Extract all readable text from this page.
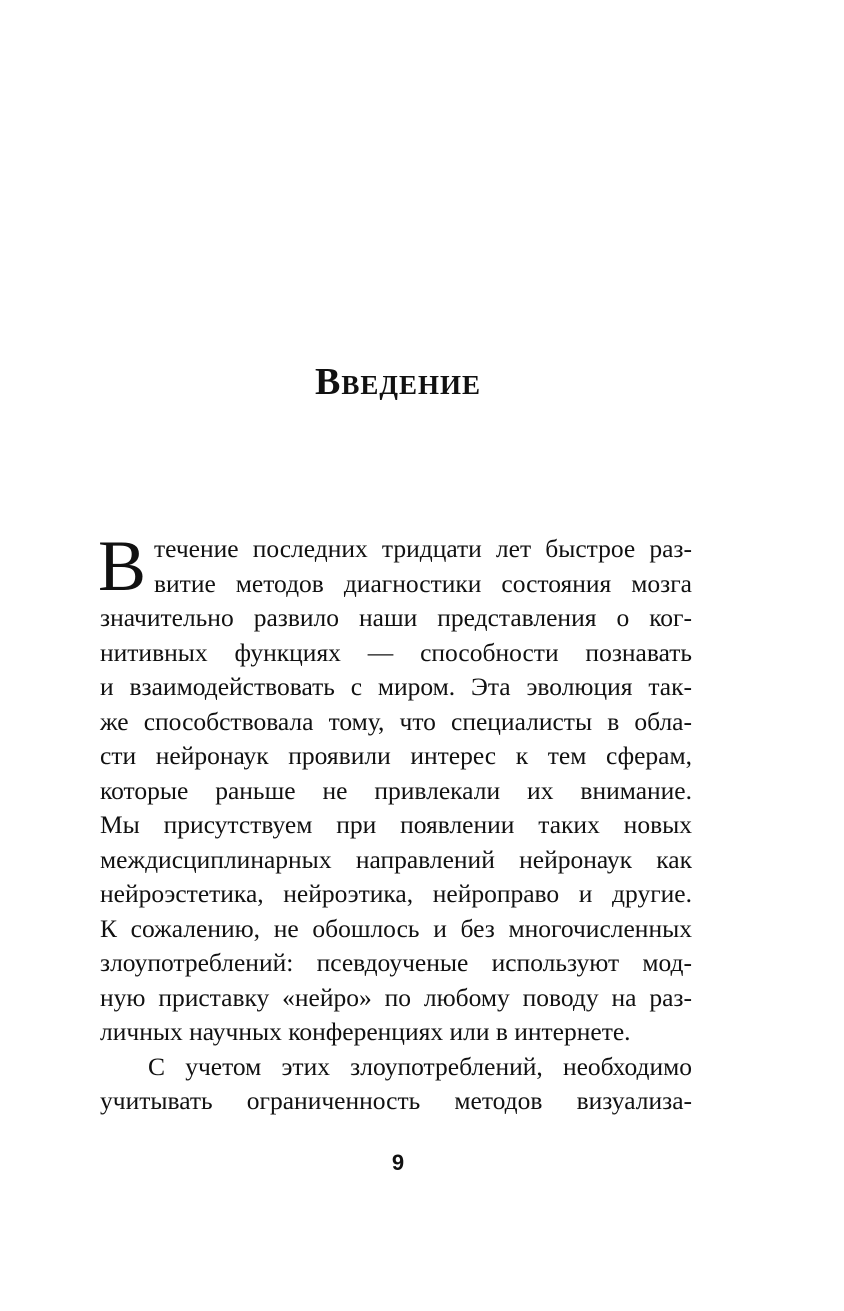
Введение
В течение последних тридцати лет быстрое раз-
витие методов диагностики состояния мозга
значительно развило наши представления о ког-
нитивных функциях — способности познавать
и взаимодействовать с миром. Эта эволюция так-
же способствовала тому, что специалисты в обла-
сти нейронаук проявили интерес к тем сферам,
которые раньше не привлекали их внимание.
Мы присутствуем при появлении таких новых
междисциплинарных направлений нейронаук как
нейроэстетика, нейроэтика, нейроправо и другие.
К сожалению, не обошлось и без многочисленных
злоупотреблений: псевдоученые используют мод-
ную приставку «нейро» по любому поводу на раз-
личных научных конференциях или в интернете.
С учетом этих злоупотреблений, необходимо
учитывать ограниченность методов визуализа-
9
